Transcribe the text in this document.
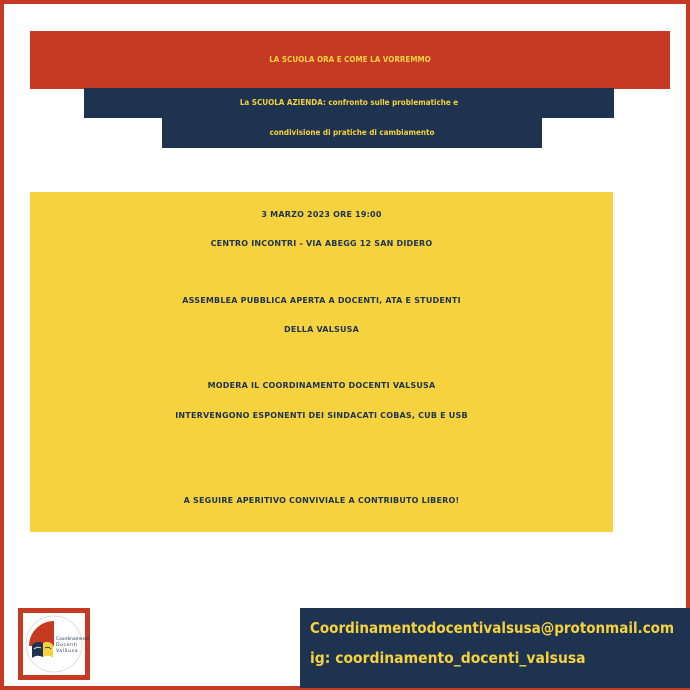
LA SCUOLA ORA E COME LA VORREMMO
La SCUOLA AZIENDA: confronto sulle problematiche e
condivisione di pratiche di cambiamento
3 MARZO 2023 ORE 19:00
CENTRO INCONTRI - VIA ABEGG 12 SAN DIDERO
ASSEMBLEA PUBBLICA APERTA A DOCENTI, ATA E STUDENTI
DELLA VALSUSA
MODERA IL COORDINAMENTO DOCENTI VALSUSA
INTERVENGONO ESPONENTI DEI SINDACATI COBAS, CUB E USB
A SEGUIRE APERITIVO CONVIVIALE A CONTRIBUTO LIBERO!
Coordinamento
Docenti
ValSusa
Coordinamentodocentivalsusa@protonmail.com
ig: coordinamento_docenti_valsusa
